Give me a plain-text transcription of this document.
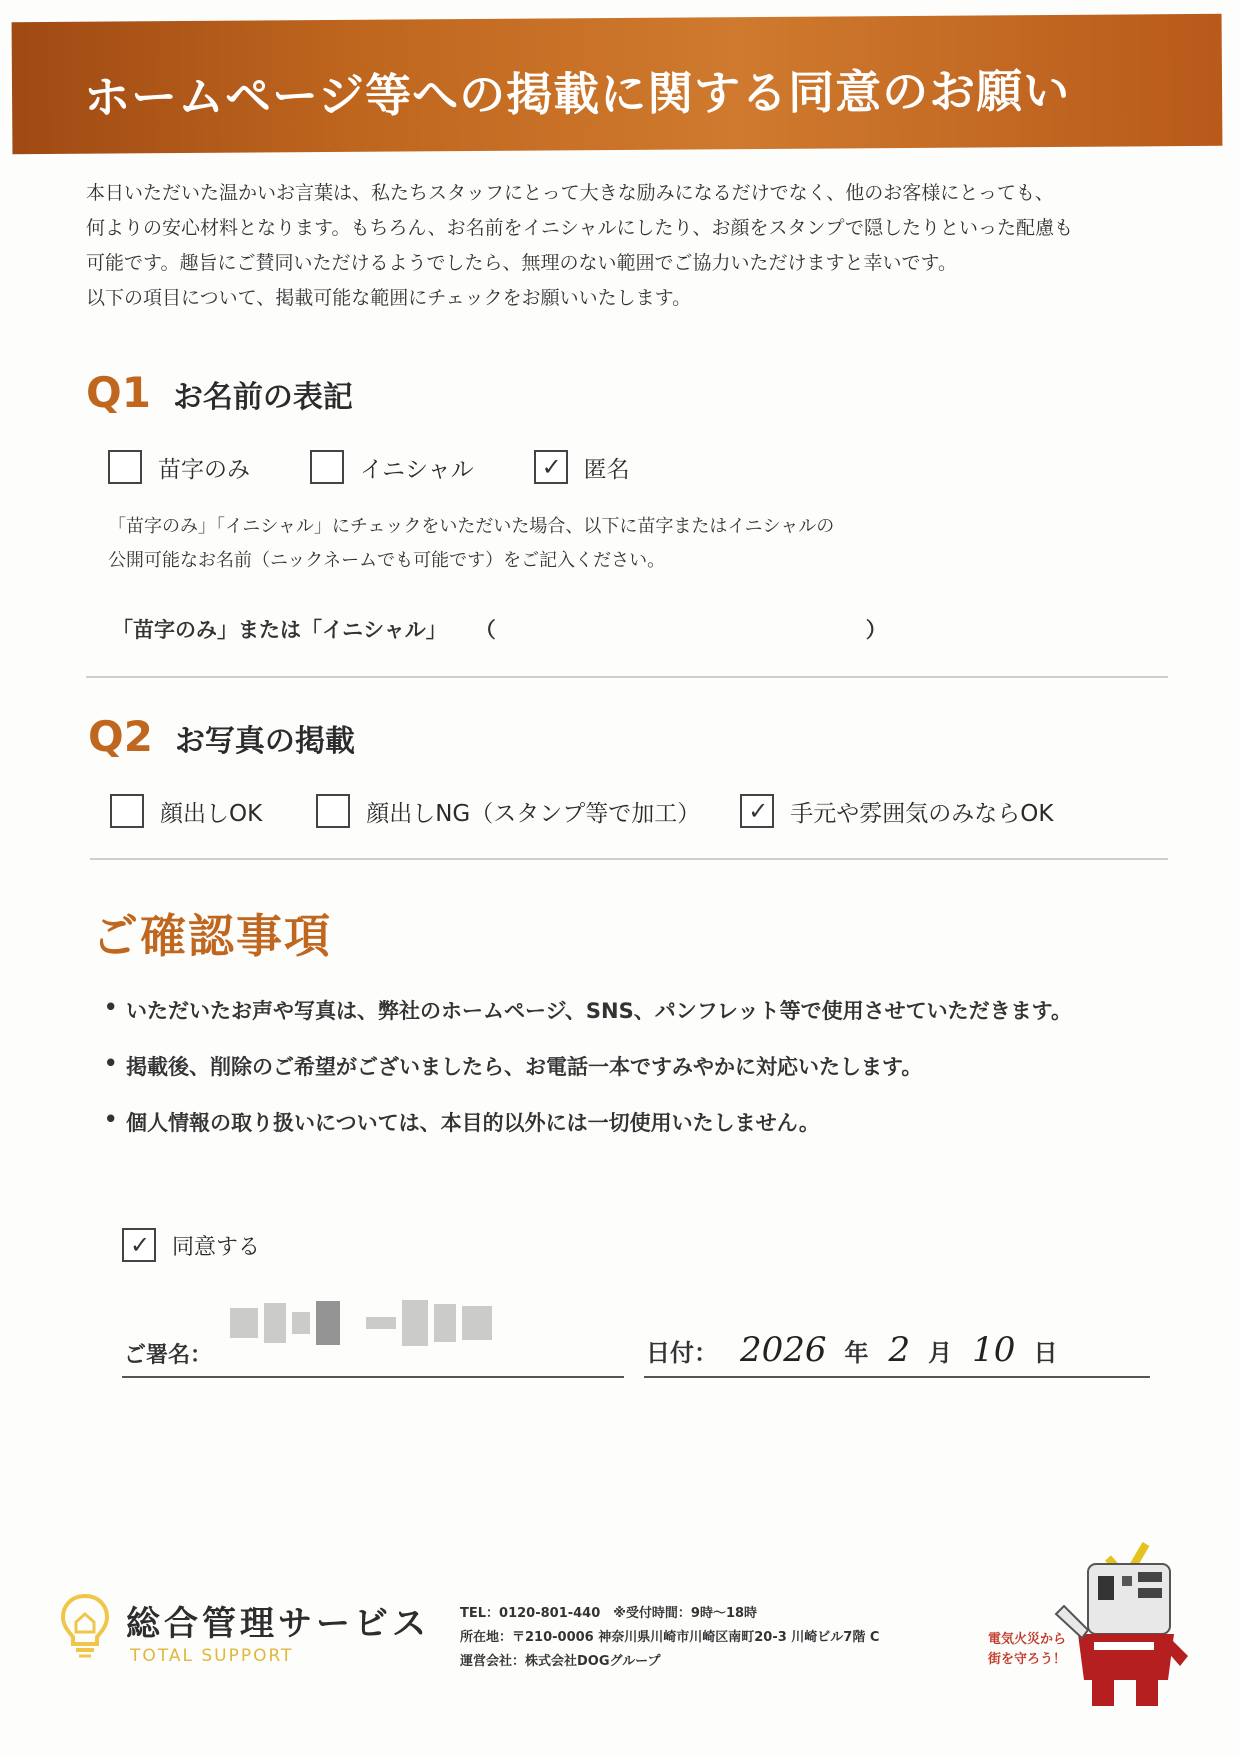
ホームページ等への掲載に関する同意のお願い

本日いただいた温かいお言葉は、私たちスタッフにとって大きな励みになるだけでなく、他のお客様にとっても、

何よりの安心材料となります。もちろん、お名前をイニシャルにしたり、お顔をスタンプで隠したりといった配慮も

可能です。趣旨にご賛同いただけるようでしたら、無理のない範囲でご協力いただけますと幸いです。

以下の項目について、掲載可能な範囲にチェックをお願いいたします。

Q1 お名前の表記
苗字のみ	イニシャル	✓ 匿名

「苗字のみ」「イニシャル」にチェックをいただいた場合、以下に苗字またはイニシャルの

公開可能なお名前（ニックネームでも可能です）をご記入ください。

「苗字のみ」または「イニシャル」 （	）
Q2 お写真の掲載
顔出しOK	顔出しNG（スタンプ等で加工） ✓ 手元や雰囲気のみならOK
ご確認事項
• いただいたお声や写真は、弊社のホームページ、SNS、パンフレット等で使用させていただきます。
• 掲載後、削除のご希望がございましたら、お電話一本ですみやかに対応いたします。
• 個人情報の取り扱いについては、本目的以外には一切使用いたしません。
✓ 同意する
ご署名：	日付： 2026 年 2 月 10 日
総合管理サービス
TOTAL SUPPORT

TEL：0120-801-440　※受付時間：9時～18時

所在地：〒210-0006 神奈川県川崎市川崎区南町20-3 川崎ビル7階 C

運営会社：株式会社DOGグループ

電気火災から

街を守ろう！
